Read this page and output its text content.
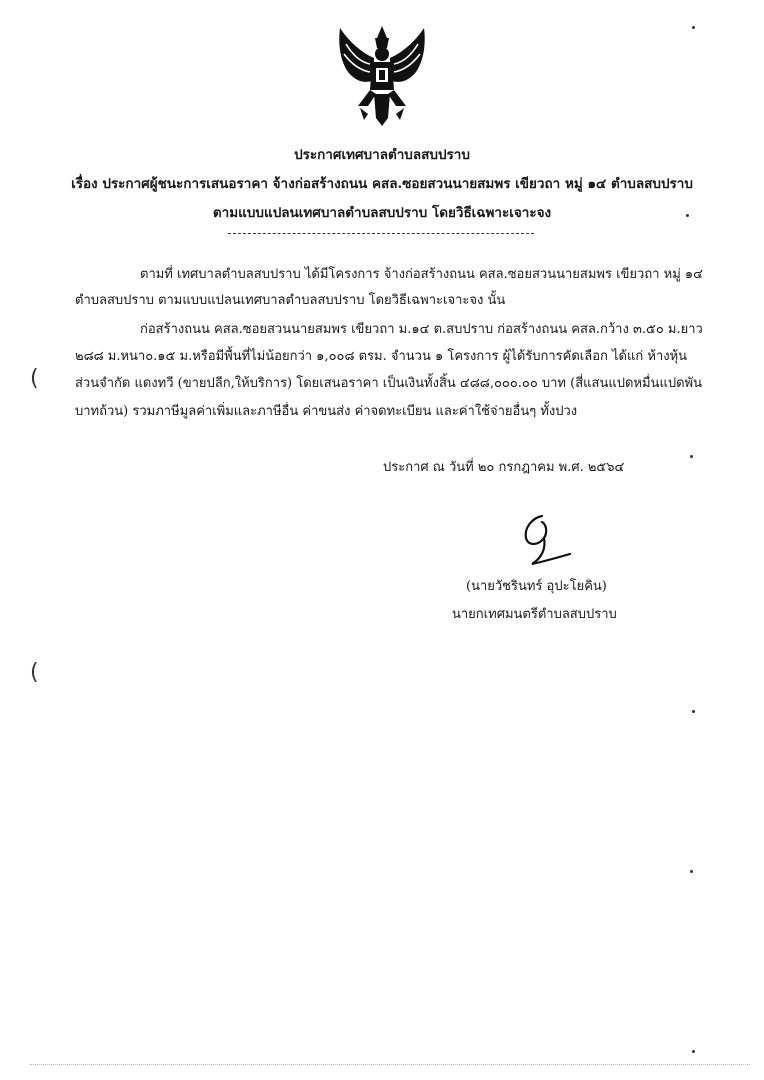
ประกาศเทศบาลตำบลสบปราบ
เรื่อง ประกาศผู้ชนะการเสนอราคา จ้างก่อสร้างถนน คสล.ซอยสวนนายสมพร เขียวถา หมู่ ๑๔ ตำบลสบปราบ
ตามแบบแปลนเทศบาลตำบลสบปราบ โดยวิธีเฉพาะเจาะจง
ตามที่ เทศบาลตำบลสบปราบ ได้มีโครงการ จ้างก่อสร้างถนน คสล.ซอยสวนนายสมพร เขียวถา หมู่ ๑๔
ตำบลสบปราบ ตามแบบแปลนเทศบาลตำบลสบปราบ โดยวิธีเฉพาะเจาะจง นั้น
ก่อสร้างถนน คสล.ซอยสวนนายสมพร เขียวถา ม.๑๔ ต.สบปราบ ก่อสร้างถนน คสล.กว้าง ๓.๕๐ ม.ยาว
๒๘๘ ม.หนา๐.๑๕ ม.หรือมีพื้นที่ไม่น้อยกว่า ๑,๐๐๘ ตรม. จำนวน ๑ โครงการ ผู้ได้รับการคัดเลือก ได้แก่ ห้างหุ้น
ส่วนจำกัด แดงทวี (ขายปลีก,ให้บริการ) โดยเสนอราคา เป็นเงินทั้งสิ้น ๔๘๘,๐๐๐.๐๐ บาท (สี่แสนแปดหมื่นแปดพัน
บาทถ้วน) รวมภาษีมูลค่าเพิ่มและภาษีอื่น ค่าขนส่ง ค่าจดทะเบียน และค่าใช้จ่ายอื่นๆ ทั้งปวง
ประกาศ ณ วันที่ ๒๐ กรกฎาคม พ.ศ. ๒๕๖๔
(นายวัชรินทร์ อุปะโยคิน)
นายกเทศมนตรีตำบลสบปราบ
(
(
